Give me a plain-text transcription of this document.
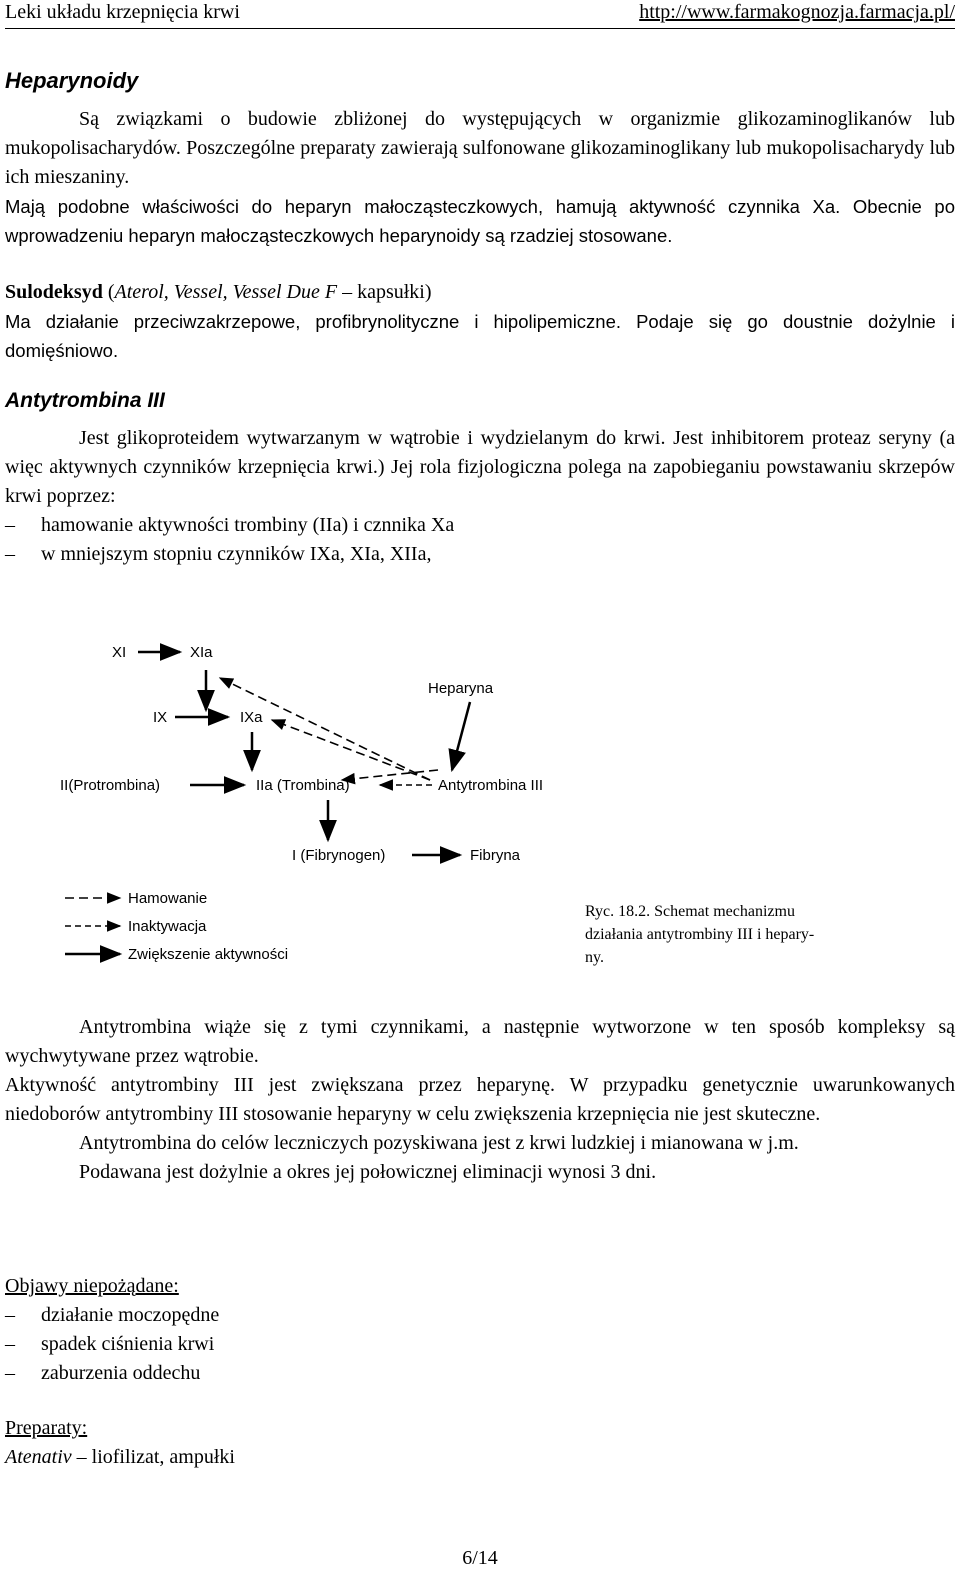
Leki układu krzepnięcia krwi	http://www.farmakognozja.farmacja.pl/
Heparynoidy

Są związkami o budowie zbliżonej do występujących w organizmie glikozaminoglikanów lub mukopolisacharydów. Poszczególne preparaty zawierają sulfonowane glikozaminoglikany lub mukopolisacharydy lub ich mieszaniny.

Mają podobne właściwości do heparyn małocząsteczkowych, hamują aktywność czynnika Xa. Obecnie po wprowadzeniu heparyn małocząsteczkowych heparynoidy są rzadziej stosowane.

Sulodeksyd (Aterol, Vessel, Vessel Due F – kapsułki)

Ma działanie przeciwzakrzepowe, profibrynolityczne i hipolipemiczne. Podaje się go doustnie dożylnie i domięśniowo.

Antytrombina III

Jest glikoproteidem wytwarzanym w wątrobie i wydzielanym do krwi. Jest inhibitorem proteaz seryny (a więc aktywnych czynników krzepnięcia krwi.) Jej rola fizjologiczna polega na zapobieganiu powstawaniu skrzepów krwi poprzez:

– hamowanie aktywności trombiny (IIa) i cznnika Xa
– w mniejszym stopniu czynników IXa, XIa, XIIa,
XI	XIa
Heparyna
IX	IXa
II(Protrombina)	IIa (Trombina)	Antytrombina III
I (Fibrynogen)	Fibryna
Hamowanie
Inaktywacja
Zwiększenie aktywności
Ryc. 18.2. Schemat mechanizmu
działania antytrombiny III i hepary-
ny.

Antytrombina wiąże się z tymi czynnikami, a następnie wytworzone w ten sposób kompleksy są wychwytywane przez wątrobie.

Aktywność antytrombiny III jest zwiększana przez heparynę. W przypadku genetycznie uwarunkowanych niedoborów antytrombiny III stosowanie heparyny w celu zwiększenia krzepnięcia nie jest skuteczne.

Antytrombina do celów leczniczych pozyskiwana jest z krwi ludzkiej i mianowana w j.m.

Podawana jest dożylnie a okres jej połowicznej eliminacji wynosi 3 dni.

Objawy niepożądane:
– działanie moczopędne
– spadek ciśnienia krwi
– zaburzenia oddechu
Preparaty:

Atenativ – liofilizat, ampułki

6/14
